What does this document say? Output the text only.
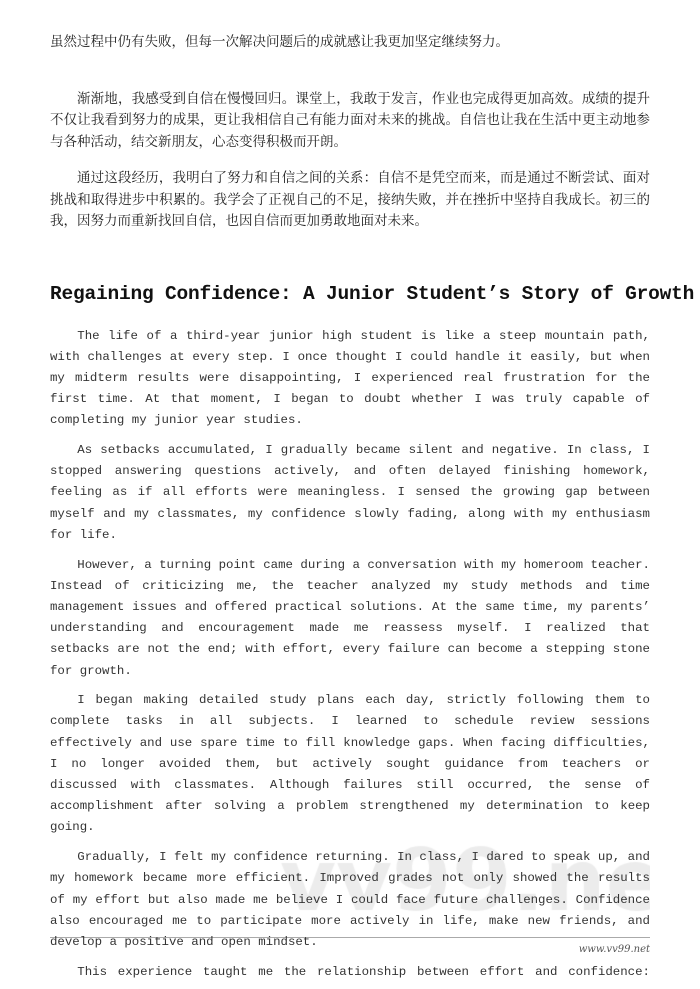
虽然过程中仍有失败，但每一次解决问题后的成就感让我更加坚定继续努力。

渐渐地，我感受到自信在慢慢回归。课堂上，我敢于发言，作业也完成得更加高效。成绩的提升不仅让我看到努力的成果，更让我相信自己有能力面对未来的挑战。自信也让我在生活中更主动地参与各种活动，结交新朋友，心态变得积极而开朗。

通过这段经历，我明白了努力和自信之间的关系：自信不是凭空而来，而是通过不断尝试、面对挑战和取得进步中积累的。我学会了正视自己的不足，接纳失败，并在挫折中坚持自我成长。初三的我，因努力而重新找回自信，也因自信而更加勇敢地面对未来。

Regaining Confidence: A Junior Student’s Story of Growth

The life of a third-year junior high student is like a steep mountain path, with challenges at every step. I once thought I could handle it easily, but when my midterm results were disappointing, I experienced real frustration for the first time. At that moment, I began to doubt whether I was truly capable of completing my junior year studies.

As setbacks accumulated, I gradually became silent and negative. In class, I stopped answering questions actively, and often delayed finishing homework, feeling as if all efforts were meaningless. I sensed the growing gap between myself and my classmates, my confidence slowly fading, along with my enthusiasm for life.

However, a turning point came during a conversation with my homeroom teacher. Instead of criticizing me, the teacher analyzed my study methods and time management issues and offered practical solutions. At the same time, my parents’ understanding and encouragement made me reassess myself. I realized that setbacks are not the end; with effort, every failure can become a stepping stone for growth.

I began making detailed study plans each day, strictly following them to complete tasks in all subjects. I learned to schedule review sessions effectively and use spare time to fill knowledge gaps. When facing difficulties, I no longer avoided them, but actively sought guidance from teachers or discussed with classmates. Although failures still occurred, the sense of accomplishment after solving a problem strengthened my determination to keep going.

Gradually, I felt my confidence returning. In class, I dared to speak up, and my homework became more efficient. Improved grades not only showed the results of my effort but also made me believe I could face future challenges. Confidence also encouraged me to participate more actively in life, make new friends, and develop a positive and open mindset.

This experience taught me the relationship between effort and confidence:

www.vv99.net
